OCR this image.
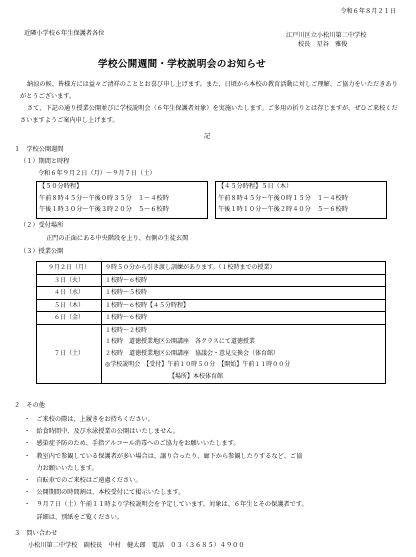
令和６年８月２１日
近隣小学校６年生保護者各位	江戸川区立小松川第二中学校
校長　星谷　雅俊
学校公開週間・学校説明会のお知らせ
納涼の候、皆様方には益々ご清祥のこととお喜び申し上げます。また、日頃から本校の教育活動に対しご理解、ご協力をいただきありがとうございます。
さて、下記の通り授業公開並びに学校説明会（６年生保護者対象）を実施いたします。ご多用の折りとは存じますが、ぜひご来校くださいますようご案内申し上げます。
記
１　学校公開週間
（１）期間と時程
令和６年９月２日（月）～９月７日（土）
【５０分時程】
午前８時４５分～午後０時３５分　 １～４校時
午後１時３０分～午後３時２０分　 ５～６校時
【４５分時程】５日（木）
午前８時４５分～午後０時１５分　 １～４校時
午後１時１０分～午後２時４０分　 ５～６校時
（２）受付場所
正門の正面にある中央階段を上り、右側の生徒玄関
（３）授業公開
９月２日（月）	９時５０分から引き渡し訓練があります。（１校時までの授業）
３日（火）	１校時～６校時
４日（水）	１校時～５校時
５日（木）	１校時～６校時【４５分時程】
６日（金）	１校時～６校時
７日（土）	１校時～２校時
１校時　道徳授業地区公開講座　各クラスにて道徳授業
２校時　道徳授業地区公開講座　協議会・意見交換会（体育館）
◎学校説明会　【受付】午前１０時５０分　【開始】午前１１時００分
【場所】本校体育館
２　その他
・　ご来校の際は、上履きをお持ちください。
・　給食時間中、及び水泳授業の公開はいたしません。
・　感染症予防のため、手指アルコール消毒へのご協力をお願いいたします。
・　教室内で参観している保護者が多い場合は、譲り合ったり、廊下から参観したりするなど、ご協
　　力お願いいたします。
・　自転車でのご来校はご遠慮ください。
・　公開期間の時間割は、本校受付にて掲示いたします。
・　９月７日（土）午前１１時より学校説明会を予定しています。対象は、６年生とその保護者です。
　　詳細は、別紙をご覧ください。
３　問い合わせ
小松川第二中学校　副校長　中村　健太郎　電話　０３（３６８５）４９００
